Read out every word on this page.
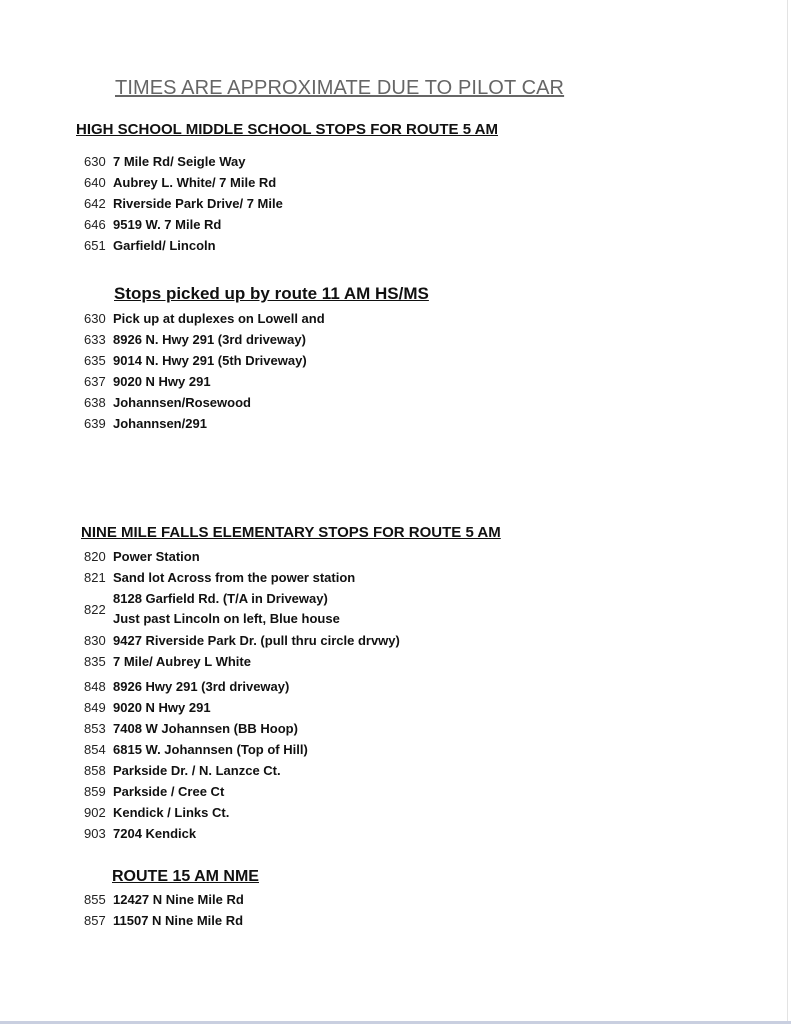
TIMES ARE APPROXIMATE DUE TO PILOT CAR
HIGH SCHOOL MIDDLE SCHOOL STOPS FOR ROUTE 5 AM
630 7 Mile Rd/ Seigle Way
640 Aubrey L. White/ 7 Mile Rd
642 Riverside Park Drive/ 7 Mile
646 9519 W. 7 Mile Rd
651 Garfield/ Lincoln
Stops picked up by route 11 AM HS/MS
630 Pick up at duplexes on Lowell and
633 8926 N. Hwy 291 (3rd driveway)
635 9014 N. Hwy 291 (5th Driveway)
637 9020 N Hwy 291
638 Johannsen/Rosewood
639 Johannsen/291
NINE MILE FALLS ELEMENTARY STOPS FOR ROUTE 5 AM
820 Power Station
821 Sand lot Across from the power station
822
8128 Garfield Rd. (T/A in Driveway)
Just past Lincoln on left, Blue house
830 9427 Riverside Park Dr. (pull thru circle drvwy)
835 7 Mile/ Aubrey L White
848 8926 Hwy 291 (3rd driveway)
849 9020 N Hwy 291
853 7408 W Johannsen (BB Hoop)
854 6815 W. Johannsen (Top of Hill)
858 Parkside Dr. / N. Lanzce Ct.
859 Parkside / Cree Ct
902 Kendick / Links Ct.
903 7204 Kendick
ROUTE 15 AM NME
855 12427 N Nine Mile Rd
857 11507 N Nine Mile Rd
